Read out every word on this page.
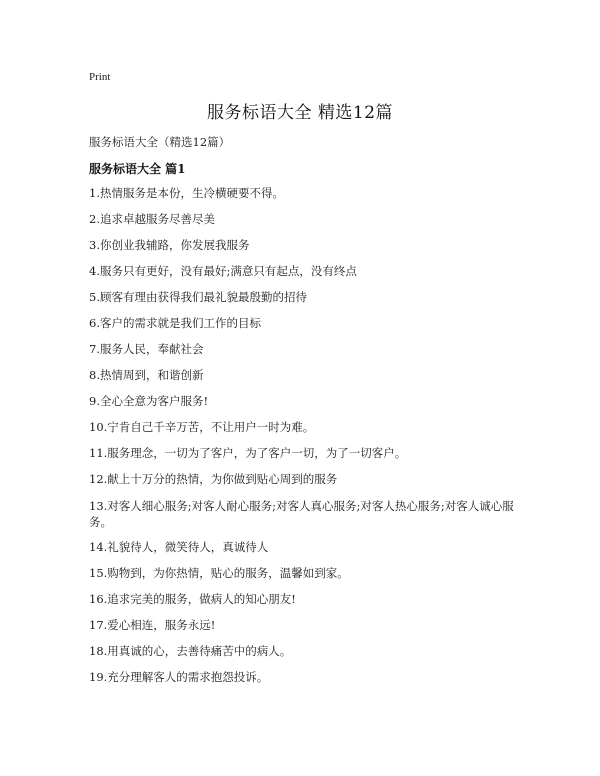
Print
服务标语大全 精选12篇
服务标语大全（精选12篇）
服务标语大全 篇1
1.热情服务是本份，生冷横硬要不得。
2.追求卓越服务尽善尽美
3.你创业我辅路，你发展我服务
4.服务只有更好，没有最好;满意只有起点，没有终点
5.顾客有理由获得我们最礼貌最殷勤的招待
6.客户的需求就是我们工作的目标
7.服务人民，奉献社会
8.热情周到，和谐创新
9.全心全意为客户服务!
10.宁肯自己千辛万苦，不让用户一时为难。
11.服务理念，一切为了客户，为了客户一切，为了一切客户。
12.献上十万分的热情，为你做到贴心周到的服务
13.对客人细心服务;对客人耐心服务;对客人真心服务;对客人热心服务;对客人诚心服务。
14.礼貌待人，微笑待人，真诚待人
15.购物到，为你热情，贴心的服务，温馨如到家。
16.追求完美的服务，做病人的知心朋友!
17.爱心相连，服务永远!
18.用真诚的心，去善待痛苦中的病人。
19.充分理解客人的需求抱怨投诉。
